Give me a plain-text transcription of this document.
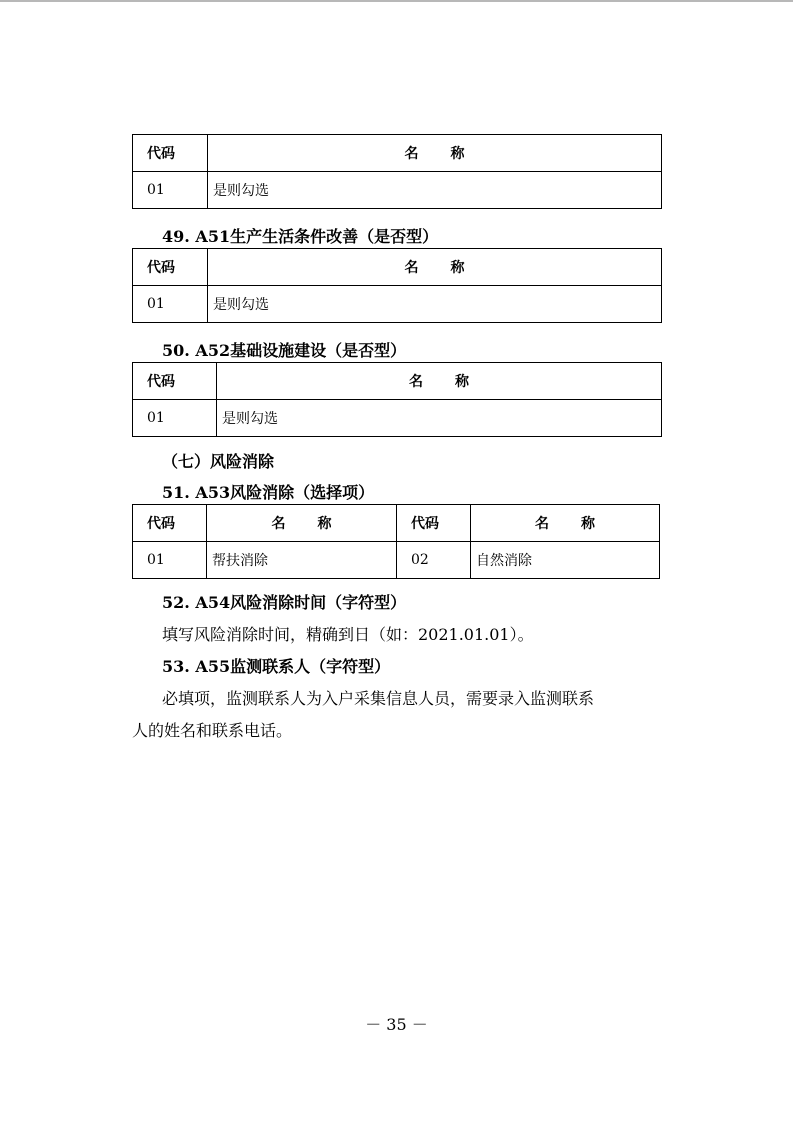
代码	名称
01	是则勾选
49. A51生产生活条件改善（是否型）
代码	名称
01	是则勾选
50. A52基础设施建设（是否型）
代码	名称
01	是则勾选
（七）风险消除
51. A53风险消除（选择项）
代码	名称	代码	名称
01	帮扶消除	02	自然消除
52. A54风险消除时间（字符型）
填写风险消除时间，精确到日（如：2021.01.01）。
53. A55监测联系人（字符型）
必填项，监测联系人为入户采集信息人员，需要录入监测联系
人的姓名和联系电话。
－ 35 －
